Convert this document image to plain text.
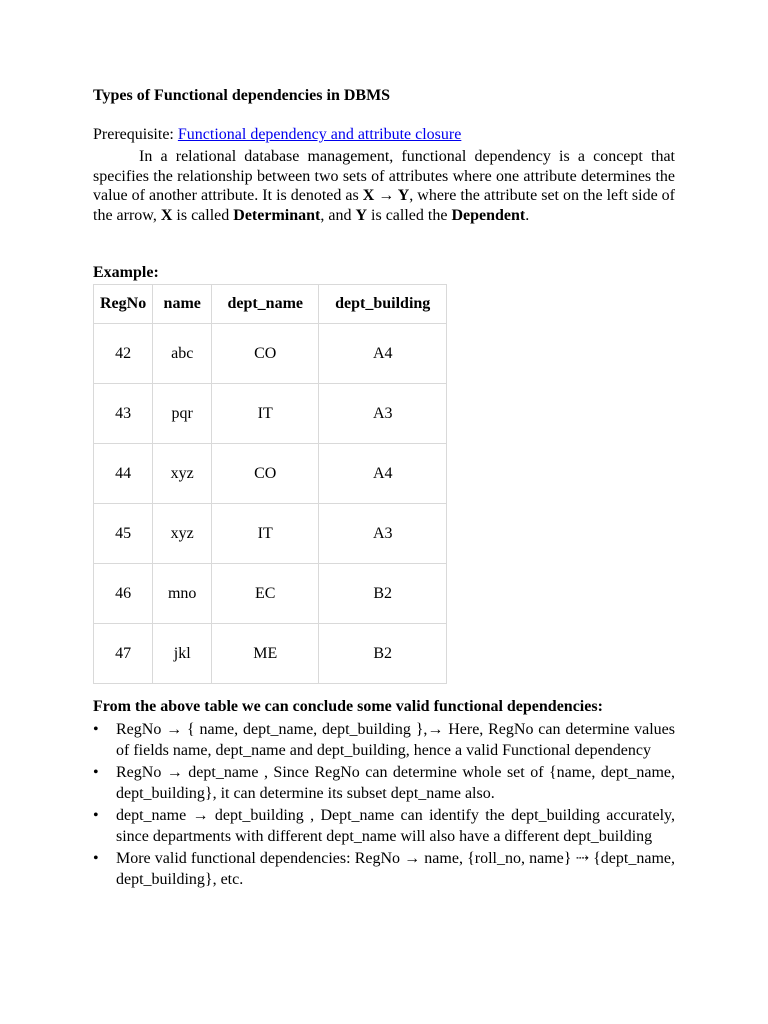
Types of Functional dependencies in DBMS
Prerequisite: Functional dependency and attribute closure

In a relational database management, functional dependency is a concept that specifies the relationship between two sets of attributes where one attribute determines the value of another attribute. It is denoted as X → Y, where the attribute set on the left side of the arrow, X is called Determinant, and Y is called the Dependent.

Example:
RegNo	name	dept_name	dept_building
42	abc	CO	A4
43	pqr	IT	A3
44	xyz	CO	A4
45	xyz	IT	A3
46	mno	EC	B2
47	jkl	ME	B2
From the above table we can conclude some valid functional dependencies:
• RegNo → { name, dept_name, dept_building },→ Here, RegNo can determine values of fields name, dept_name and dept_building, hence a valid Functional dependency
• RegNo → dept_name , Since RegNo can determine whole set of {name, dept_name, dept_building}, it can determine its subset dept_name also.
• dept_name → dept_building , Dept_name can identify the dept_building accurately, since departments with different dept_name will also have a different dept_building
• More valid functional dependencies: RegNo → name, {roll_no, name} ⇢ {dept_name, dept_building}, etc.
